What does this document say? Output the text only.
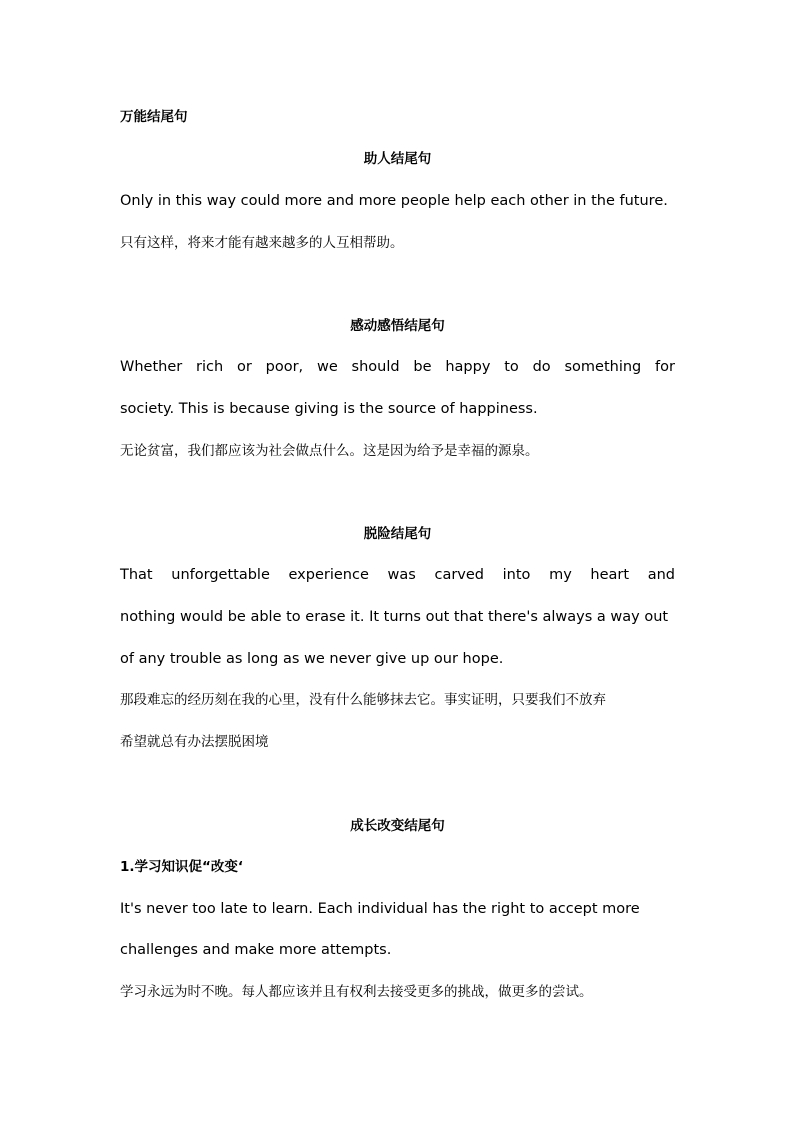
万能结尾句
助人结尾句
Only in this way could more and more people help each other in the future.
只有这样，将来才能有越来越多的人互相帮助。
感动感悟结尾句
Whether rich or poor, we should be happy to do something for
society. This is because giving is the source of happiness.
无论贫富，我们都应该为社会做点什么。这是因为给予是幸福的源泉。
脱险结尾句
That unforgettable experience was carved into my heart and
nothing would be able to erase it. It turns out that there's always a way out
of any trouble as long as we never give up our hope.
那段难忘的经历刻在我的心里，没有什么能够抹去它。事实证明，只要我们不放弃
希望就总有办法摆脱困境
成长改变结尾句
1.学习知识促“改变‘
It's never too late to learn. Each individual has the right to accept more
challenges and make more attempts.
学习永远为时不晚。每人都应该并且有权利去接受更多的挑战，做更多的尝试。
